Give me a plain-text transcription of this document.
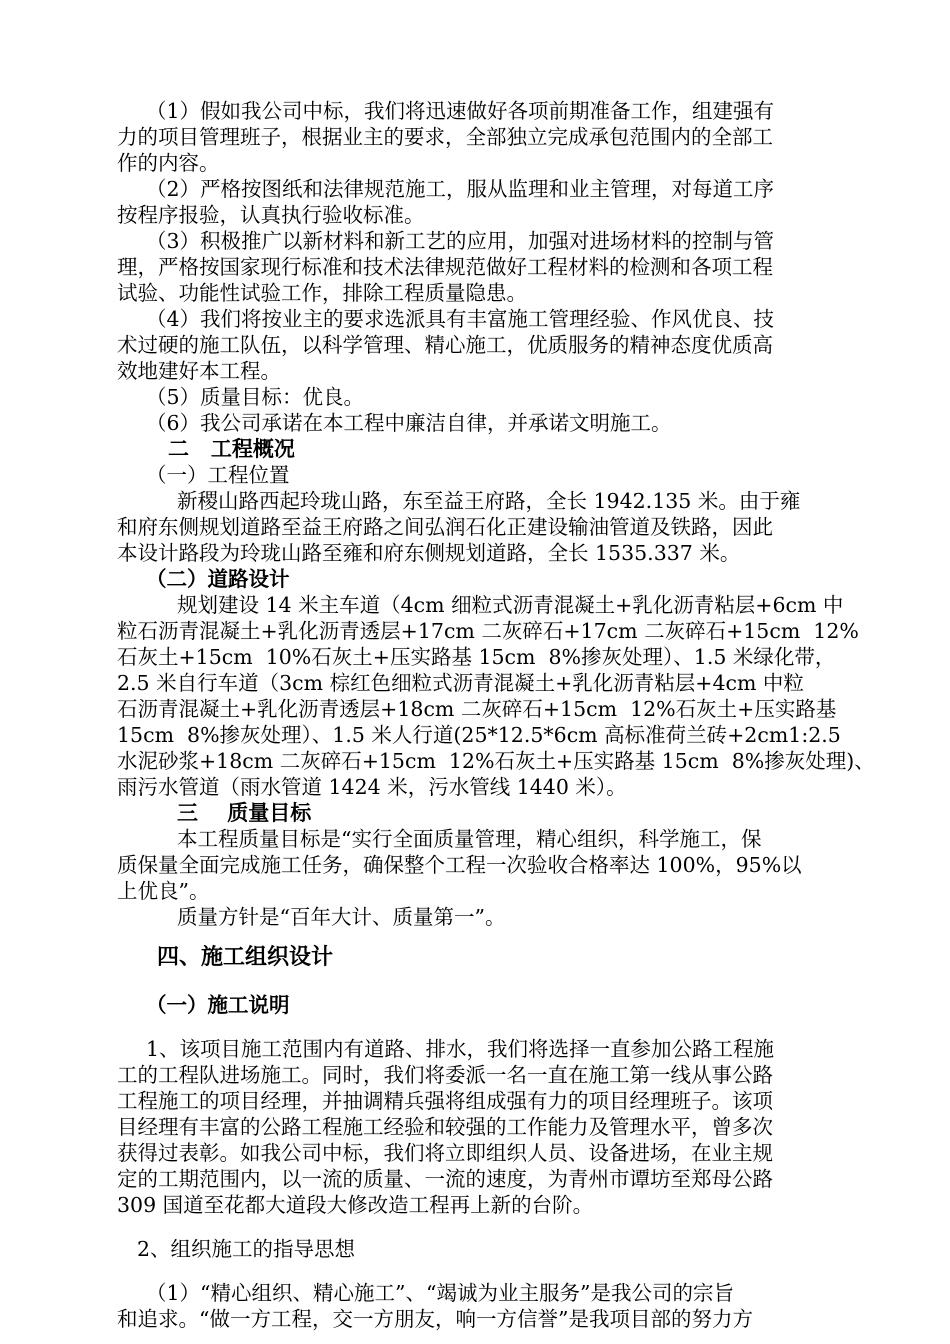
（1）假如我公司中标，我们将迅速做好各项前期准备工作，组建强有
力的项目管理班子，根据业主的要求，全部独立完成承包范围内的全部工
作的内容。
（2）严格按图纸和法律规范施工，服从监理和业主管理，对每道工序
按程序报验，认真执行验收标准。
（3）积极推广以新材料和新工艺的应用，加强对进场材料的控制与管
理，严格按国家现行标准和技术法律规范做好工程材料的检测和各项工程
试验、功能性试验工作，排除工程质量隐患。
（4）我们将按业主的要求选派具有丰富施工管理经验、作风优良、技
术过硬的施工队伍，以科学管理、精心施工，优质服务的精神态度优质高
效地建好本工程。
（5）质量目标：优良。
（6）我公司承诺在本工程中廉洁自律，并承诺文明施工。
二   工程概况
（一）工程位置
新稷山路西起玲珑山路，东至益王府路，全长 1942.135 米。由于雍
和府东侧规划道路至益王府路之间弘润石化正建设输油管道及铁路，因此
本设计路段为玲珑山路至雍和府东侧规划道路，全长 1535.337 米。
（二）道路设计
规划建设 14 米主车道（4cm 细粒式沥青混凝土+乳化沥青粘层+6cm 中
粒石沥青混凝土+乳化沥青透层+17cm 二灰碎石+17cm 二灰碎石+15cm  12%
石灰土+15cm  10%石灰土+压实路基 15cm  8%掺灰处理）、1.5 米绿化带，
2.5 米自行车道（3cm 棕红色细粒式沥青混凝土+乳化沥青粘层+4cm 中粒
石沥青混凝土+乳化沥青透层+18cm 二灰碎石+15cm  12%石灰土+压实路基
15cm  8%掺灰处理）、1.5 米人行道(25*12.5*6cm 高标准荷兰砖+2cm1:2.5
水泥砂浆+18cm 二灰碎石+15cm  12%石灰土+压实路基 15cm  8%掺灰处理)、
雨污水管道（雨水管道 1424 米，污水管线 1440 米）。
三    质量目标
本工程质量目标是“实行全面质量管理，精心组织，科学施工，保
质保量全面完成施工任务，确保整个工程一次验收合格率达 100%，95%以
上优良”。
质量方针是“百年大计、质量第一”。
四、施工组织设计
（一）施工说明
1、该项目施工范围内有道路、排水，我们将选择一直参加公路工程施
工的工程队进场施工。同时，我们将委派一名一直在施工第一线从事公路
工程施工的项目经理，并抽调精兵强将组成强有力的项目经理班子。该项
目经理有丰富的公路工程施工经验和较强的工作能力及管理水平，曾多次
获得过表彰。如我公司中标，我们将立即组织人员、设备进场，在业主规
定的工期范围内，以一流的质量、一流的速度，为青州市谭坊至郑母公路
309 国道至花都大道段大修改造工程再上新的台阶。
2、组织施工的指导思想
（1）“精心组织、精心施工”、“竭诚为业主服务”是我公司的宗旨
和追求。“做一方工程，交一方朋友，响一方信誉”是我项目部的努力方
